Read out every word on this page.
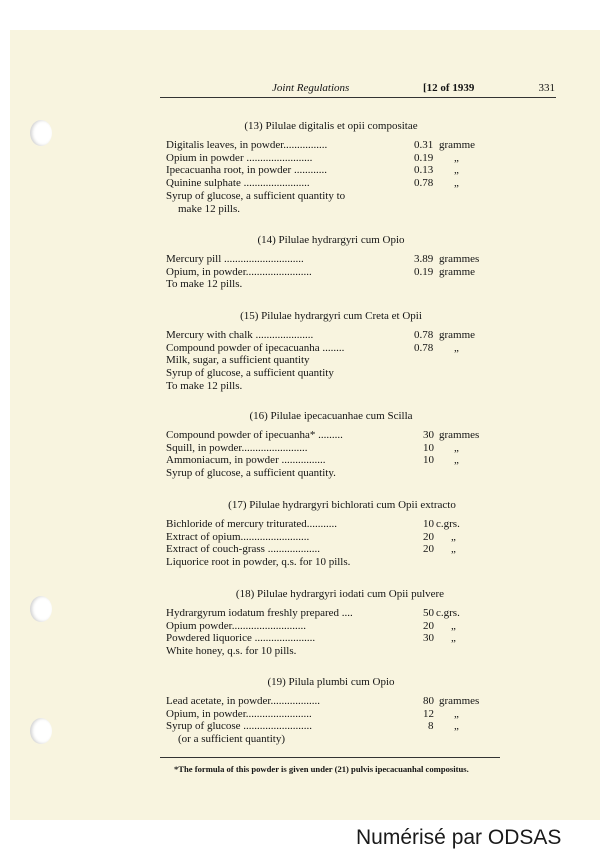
Joint Regulations	[12 of 1939	331
(13) Pilulae digitalis et opii compositae
Digitalis leaves, in powder................	0.31 gramme
Opium in powder ........................	0.19 „
Ipecacuanha root, in powder ............	0.13 „
Quinine sulphate ........................	0.78 „
Syrup of glucose, a sufficient quantity to
make 12 pills.
(14) Pilulae hydrargyri cum Opio
Mercury pill .............................	3.89 grammes
Opium, in powder........................	0.19 gramme
To make 12 pills.
(15) Pilulae hydrargyri cum Creta et Opii
Mercury with chalk .....................	0.78 gramme
Compound powder of ipecacuanha ........	0.78 „
Milk, sugar, a sufficient quantity
Syrup of glucose, a sufficient quantity
To make 12 pills.
(16) Pilulae ipecacuanhae cum Scilla
Compound powder of ipecuanha* .........	30 grammes
Squill, in powder........................	10 „
Ammoniacum, in powder ................	10 „
Syrup of glucose, a sufficient quantity.
(17) Pilulae hydrargyri bichlorati cum Opii extracto
Bichloride of mercury triturated...........	10 c.grs.
Extract of opium.........................	20 „
Extract of couch-grass ...................	20 „
Liquorice root in powder, q.s. for 10 pills.
(18) Pilulae hydrargyri iodati cum Opii pulvere
Hydrargyrum iodatum freshly prepared ....	50 c.grs.
Opium powder...........................	20 „
Powdered liquorice ......................	30 „
White honey, q.s. for 10 pills.
(19) Pilula plumbi cum Opio
Lead acetate, in powder..................	80 grammes
Opium, in powder........................	12 „
Syrup of glucose .........................	8 „
(or a sufficient quantity)
*The formula of this powder is given under (21) pulvis ipecacuanhal compositus.
Numérisé par ODSAS
